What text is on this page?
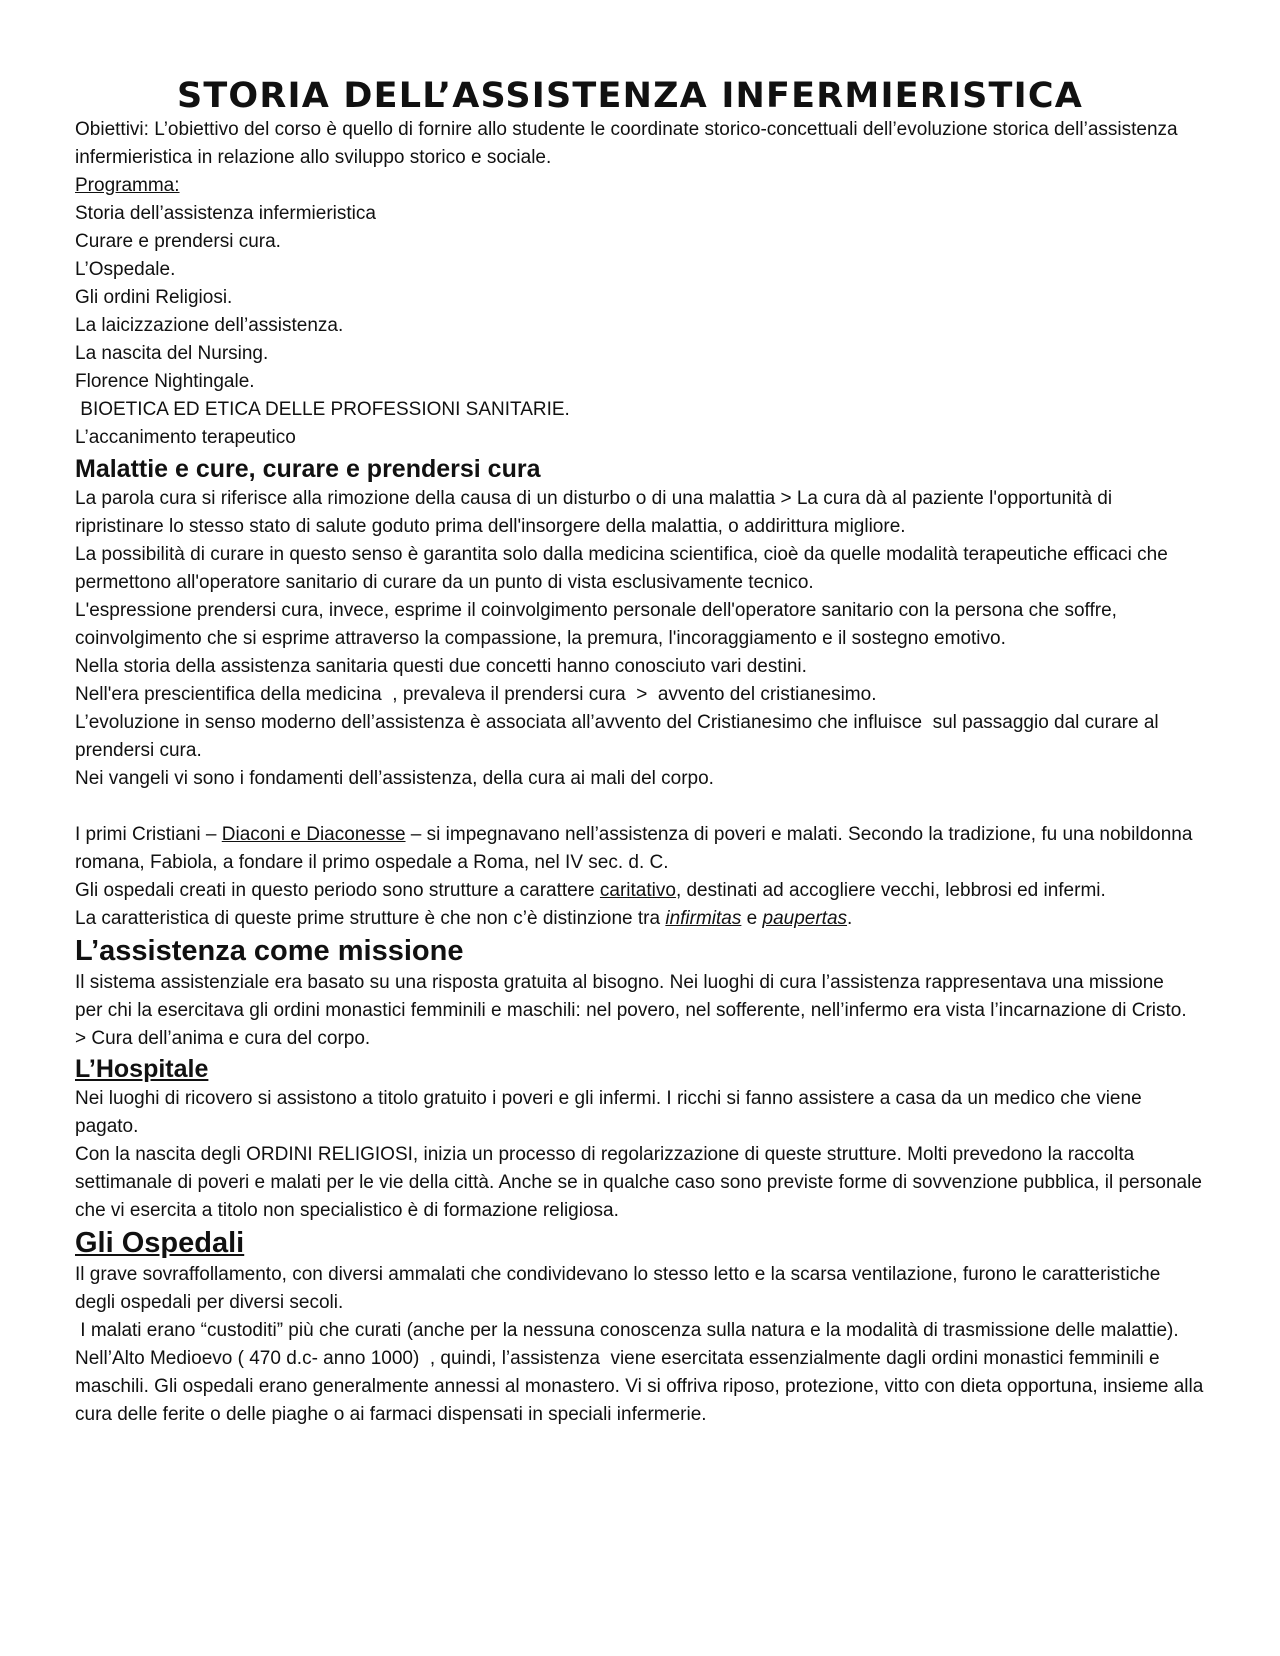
STORIA DELL’ASSISTENZA INFERMIERISTICA

Obiettivi: L’obiettivo del corso è quello di fornire allo studente le coordinate storico-concettuali dell’evoluzione storica dell’assistenza infermieristica in relazione allo sviluppo storico e sociale.

Programma:

Storia dell’assistenza infermieristica

Curare e prendersi cura.

L’Ospedale.

Gli ordini Religiosi.

La laicizzazione dell’assistenza.

La nascita del Nursing.

Florence Nightingale.

BIOETICA ED ETICA DELLE PROFESSIONI SANITARIE.

L’accanimento terapeutico

Malattie e cure, curare e prendersi cura

La parola cura si riferisce alla rimozione della causa di un disturbo o di una malattia > La cura dà al paziente l'opportunità di ripristinare lo stesso stato di salute goduto prima dell'insorgere della malattia, o addirittura migliore.

La possibilità di curare in questo senso è garantita solo dalla medicina scientifica, cioè da quelle modalità terapeutiche efficaci che permettono all'operatore sanitario di curare da un punto di vista esclusivamente tecnico.

L'espressione prendersi cura, invece, esprime il coinvolgimento personale dell'operatore sanitario con la persona che soffre, coinvolgimento che si esprime attraverso la compassione, la premura, l'incoraggiamento e il sostegno emotivo.

Nella storia della assistenza sanitaria questi due concetti hanno conosciuto vari destini.

Nell'era prescientifica della medicina  , prevaleva il prendersi cura  >  avvento del cristianesimo.

L’evoluzione in senso moderno dell’assistenza è associata all’avvento del Cristianesimo che influisce  sul passaggio dal curare al prendersi cura.

Nei vangeli vi sono i fondamenti dell’assistenza, della cura ai mali del corpo.

I primi Cristiani – Diaconi e Diaconesse – si impegnavano nell’assistenza di poveri e malati. Secondo la tradizione, fu una nobildonna romana, Fabiola, a fondare il primo ospedale a Roma, nel IV sec. d. C.

Gli ospedali creati in questo periodo sono strutture a carattere caritativo, destinati ad accogliere vecchi, lebbrosi ed infermi.

La caratteristica di queste prime strutture è che non c’è distinzione tra infirmitas e paupertas.

L’assistenza come missione

Il sistema assistenziale era basato su una risposta gratuita al bisogno. Nei luoghi di cura l’assistenza rappresentava una missione    per chi la esercitava gli ordini monastici femminili e maschili: nel povero, nel sofferente, nell’infermo era vista l’incarnazione di Cristo.

> Cura dell’anima e cura del corpo.

L’Hospitale

Nei luoghi di ricovero si assistono a titolo gratuito i poveri e gli infermi. I ricchi si fanno assistere a casa da un medico che viene pagato.

Con la nascita degli ORDINI RELIGIOSI, inizia un processo di regolarizzazione di queste strutture. Molti prevedono la raccolta settimanale di poveri e malati per le vie della città. Anche se in qualche caso sono previste forme di sovvenzione pubblica, il personale che vi esercita a titolo non specialistico è di formazione religiosa.

Gli Ospedali

Il grave sovraffollamento, con diversi ammalati che condividevano lo stesso letto e la scarsa ventilazione, furono le caratteristiche degli ospedali per diversi secoli.

I malati erano “custoditi” più che curati (anche per la nessuna conoscenza sulla natura e la modalità di trasmissione delle malattie). Nell’Alto Medioevo ( 470 d.c- anno 1000)  , quindi, l’assistenza  viene esercitata essenzialmente dagli ordini monastici femminili e maschili. Gli ospedali erano generalmente annessi al monastero. Vi si offriva riposo, protezione, vitto con dieta opportuna, insieme alla cura delle ferite o delle piaghe o ai farmaci dispensati in speciali infermerie.
